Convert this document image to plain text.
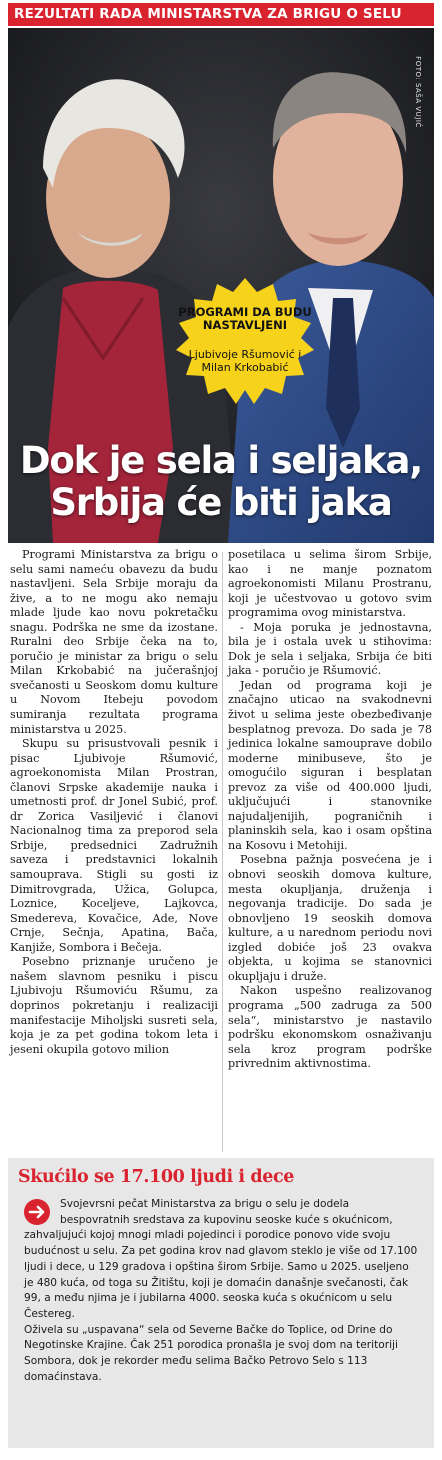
REZULTATI RADA MINISTARSTVA ZA BRIGU O SELU
FOTO: SAŠA VUJIĆ
PROGRAMI DA BUDU NASTAVLJENI
Ljubivoje Ršumović i Milan Krkobabić
Dok je sela i seljaka,
Srbija će biti jaka

Programi Ministarstva za brigu o selu sami nameću obavezu da budu nastavljeni. Sela Srbije moraju da žive, a to ne mogu ako nemaju mlade ljude kao novu pokretačku snagu. Podrška ne sme da izostane. Ruralni deo Srbije čeka na to, poručio je ministar za brigu o selu Milan Krkobabić na jučerašnjoj svečanosti u Seoskom domu kulture u Novom Itebeju povodom sumiranja rezultata programa ministarstva u 2025.

Skupu su prisustvovali pesnik i pisac Ljubivoje Ršumović, agroekonomista Milan Prostran, članovi Srpske akademije nauka i umetnosti prof. dr Jonel Subić, prof. dr Zorica Vasiljević i članovi Nacionalnog tima za preporod sela Srbije, predsednici Zadružnih saveza i predstavnici lokalnih samouprava. Stigli su gosti iz Dimitrovgrada, Užica, Golupca, Loznice, Koceljeve, Lajkovca, Smedereva, Kovačice, Ade, Nove Crnje, Sečnja, Apatina, Bača, Kanjiže, Sombora i Bečeja.

Posebno priznanje uručeno je našem slavnom pesniku i piscu Ljubivoju Ršumoviću Ršumu, za doprinos pokretanju i realizaciji manifestacije Miholjski susreti sela, koja je za pet godina tokom leta i jeseni okupila gotovo milion

posetilaca u selima širom Srbije, kao i ne manje poznatom agroekonomisti Milanu Prostranu, koji je učestvovao u gotovo svim programima ovog ministarstva.

- Moja poruka je jednostavna, bila je i ostala uvek u stihovima: Dok je sela i seljaka, Srbija će biti jaka - poručio je Ršumović.

Jedan od programa koji je značajno uticao na svakodnevni život u selima jeste obezbeđivanje besplatnog prevoza. Do sada je 78 jedinica lokalne samouprave dobilo moderne minibuseve, što je omogućilo siguran i besplatan prevoz za više od 400.000 ljudi, uključujući i stanovnike najudaljenijih, pograničnih i planinskih sela, kao i osam opština na Kosovu i Metohiji.

Posebna pažnja posvećena je i obnovi seoskih domova kulture, mesta okupljanja, druženja i negovanja tradicije. Do sada je obnovljeno 19 seoskih domova kulture, a u narednom periodu novi izgled dobiće još 23 ovakva objekta, u kojima se stanovnici okupljaju i druže.

Nakon uspešno realizovanog programa „500 zadruga za 500 sela“, ministarstvo je nastavilo podršku ekonomskom osnaživanju sela kroz program podrške privrednim aktivnostima.

Skućilo se 17.100 ljudi i dece

Svojevrsni pečat Ministarstva za brigu o selu je dodela bespovratnih sredstava za kupovinu seoske kuće s okućnicom, zahvaljujući kojoj mnogi mladi pojedinci i porodice ponovo vide svoju budućnost u selu. Za pet godina krov nad glavom steklo je više od 17.100 ljudi i dece, u 129 gradova i opština širom Srbije. Samo u 2025. useljeno je 480 kuća, od toga su Žitištu, koji je domaćin današnje svečanosti, čak 99, a među njima je i jubilarna 4000. seoska kuća s okućnicom u selu Čestereg.

Oživela su „uspavana“ sela od Severne Bačke do Toplice, od Drine do Negotinske Krajine. Čak 251 porodica pronašla je svoj dom na teritoriji Sombora, dok je rekorder među selima Bačko Petrovo Selo s 113 domaćinstava.
